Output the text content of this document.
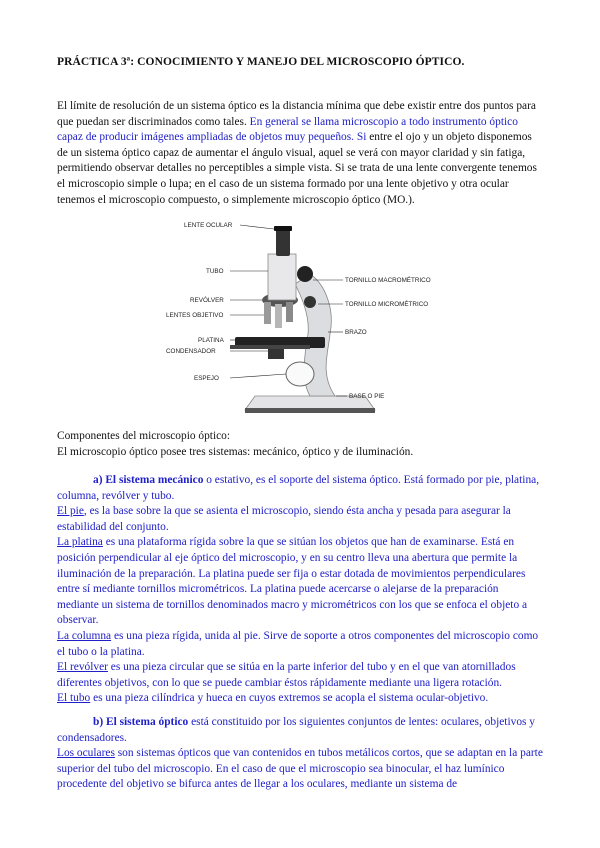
PRÁCTICA 3ª: CONOCIMIENTO Y MANEJO DEL MICROSCOPIO ÓPTICO.

El límite de resolución de un sistema óptico es la distancia mínima que debe existir entre dos puntos para que puedan ser discriminados como tales. En general se llama microscopio a todo instrumento óptico capaz de producir imágenes ampliadas de objetos muy pequeños. Si entre el ojo y un objeto disponemos de un sistema óptico capaz de aumentar el ángulo visual, aquel se verá con mayor claridad y sin fatiga, permitiendo observar detalles no perceptibles a simple vista. Si se trata de una lente convergente tenemos el microscopio simple o lupa; en el caso de un sistema formado por una lente objetivo y otra ocular tenemos el microscopio compuesto, o simplemente microscopio óptico (MO.).

LENTE OCULAR
TUBO
TORNILLO MACROMÉTRICO
REVÓLVER
TORNILLO MICROMÉTRICO
LENTES OBJETIVO
BRAZO
PLATINA
CONDENSADOR
ESPEJO
BASE O PIE

Componentes del microscopio óptico:
El microscopio óptico posee tres sistemas: mecánico, óptico y de iluminación.

a) El sistema mecánico o estativo, es el soporte del sistema óptico. Está formado por pie, platina, columna, revólver y tubo.
El pie, es la base sobre la que se asienta el microscopio, siendo ésta ancha y pesada para asegurar la estabilidad del conjunto.
La platina es una plataforma rígida sobre la que se sitúan los objetos que han de examinarse. Está en posición perpendicular al eje óptico del microscopio, y en su centro lleva una abertura que permite la iluminación de la preparación. La platina puede ser fija o estar dotada de movimientos perpendiculares entre sí mediante tornillos micrométricos. La platina puede acercarse o alejarse de la preparación mediante un sistema de tornillos denominados macro y micrométricos con los que se enfoca el objeto a observar.
La columna es una pieza rígida, unida al pie. Sirve de soporte a otros componentes del microscopio como el tubo o la platina.
El revólver es una pieza circular que se sitúa en la parte inferior del tubo y en el que van atornillados diferentes objetivos, con lo que se puede cambiar éstos rápidamente mediante una ligera rotación.
El tubo es una pieza cilíndrica y hueca en cuyos extremos se acopla el sistema ocular-objetivo.
b) El sistema óptico está constituido por los siguientes conjuntos de lentes: oculares, objetivos y condensadores.
Los oculares son sistemas ópticos que van contenidos en tubos metálicos cortos, que se adaptan en la parte superior del tubo del microscopio. En el caso de que el microscopio sea binocular, el haz lumínico procedente del objetivo se bifurca antes de llegar a los oculares, mediante un sistema de
